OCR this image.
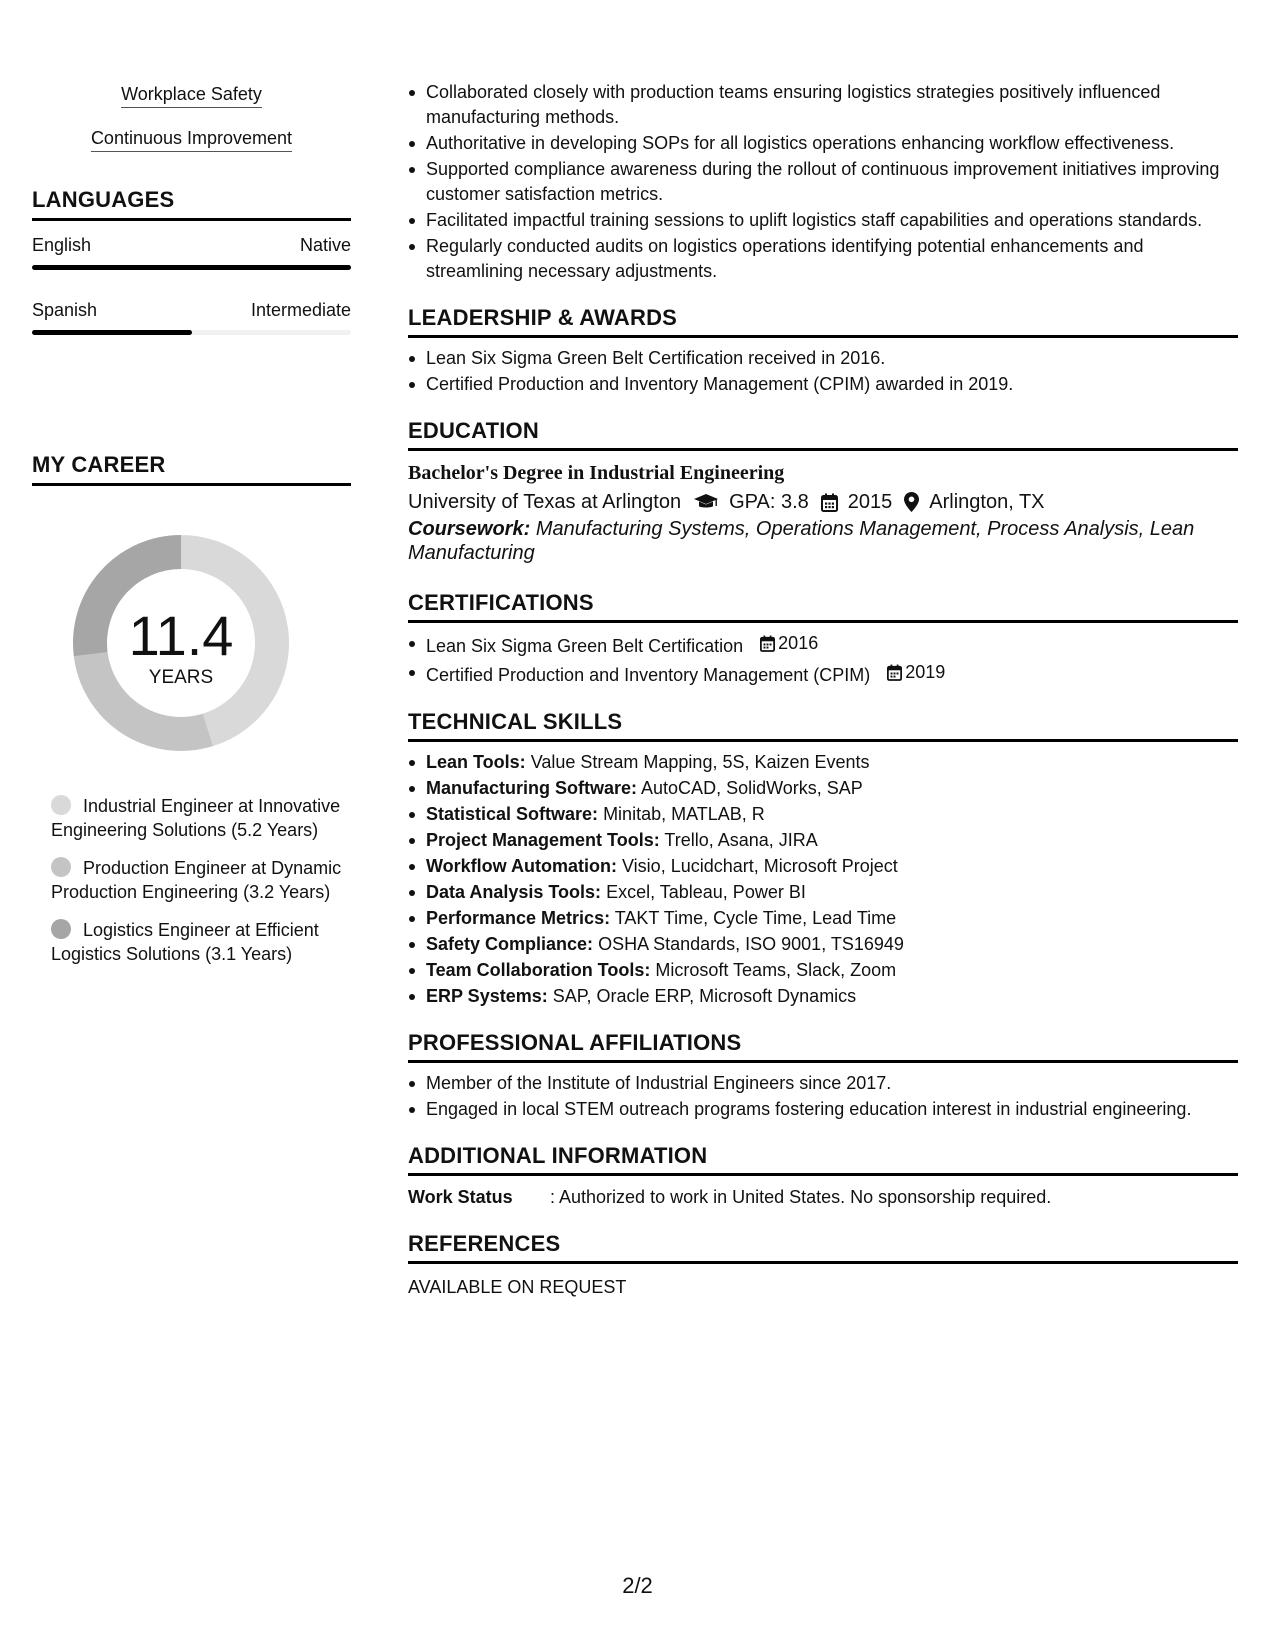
Workplace Safety
Continuous Improvement
LANGUAGES
English	Native
Spanish	Intermediate
MY CAREER
11.4
YEARS
Industrial Engineer at Innovative Engineering Solutions (5.2 Years)
Production Engineer at Dynamic Production Engineering (3.2 Years)
Logistics Engineer at Efficient Logistics Solutions (3.1 Years)
Collaborated closely with production teams ensuring logistics strategies positively influenced manufacturing methods.
Authoritative in developing SOPs for all logistics operations enhancing workflow effectiveness.
Supported compliance awareness during the rollout of continuous improvement initiatives improving customer satisfaction metrics.
Facilitated impactful training sessions to uplift logistics staff capabilities and operations standards.
Regularly conducted audits on logistics operations identifying potential enhancements and streamlining necessary adjustments.
LEADERSHIP & AWARDS
Lean Six Sigma Green Belt Certification received in 2016.
Certified Production and Inventory Management (CPIM) awarded in 2019.
EDUCATION
Bachelor's Degree in Industrial Engineering
University of Texas at Arlington GPA: 3.8 2015 Arlington, TX
Coursework: Manufacturing Systems, Operations Management, Process Analysis, Lean Manufacturing
CERTIFICATIONS
Lean Six Sigma Green Belt Certification 2016
Certified Production and Inventory Management (CPIM) 2019
TECHNICAL SKILLS
Lean Tools: Value Stream Mapping, 5S, Kaizen Events
Manufacturing Software: AutoCAD, SolidWorks, SAP
Statistical Software: Minitab, MATLAB, R
Project Management Tools: Trello, Asana, JIRA
Workflow Automation: Visio, Lucidchart, Microsoft Project
Data Analysis Tools: Excel, Tableau, Power BI
Performance Metrics: TAKT Time, Cycle Time, Lead Time
Safety Compliance: OSHA Standards, ISO 9001, TS16949
Team Collaboration Tools: Microsoft Teams, Slack, Zoom
ERP Systems: SAP, Oracle ERP, Microsoft Dynamics
PROFESSIONAL AFFILIATIONS
Member of the Institute of Industrial Engineers since 2017.
Engaged in local STEM outreach programs fostering education interest in industrial engineering.
ADDITIONAL INFORMATION
Work Status	: Authorized to work in United States. No sponsorship required.
REFERENCES
AVAILABLE ON REQUEST
2/2
